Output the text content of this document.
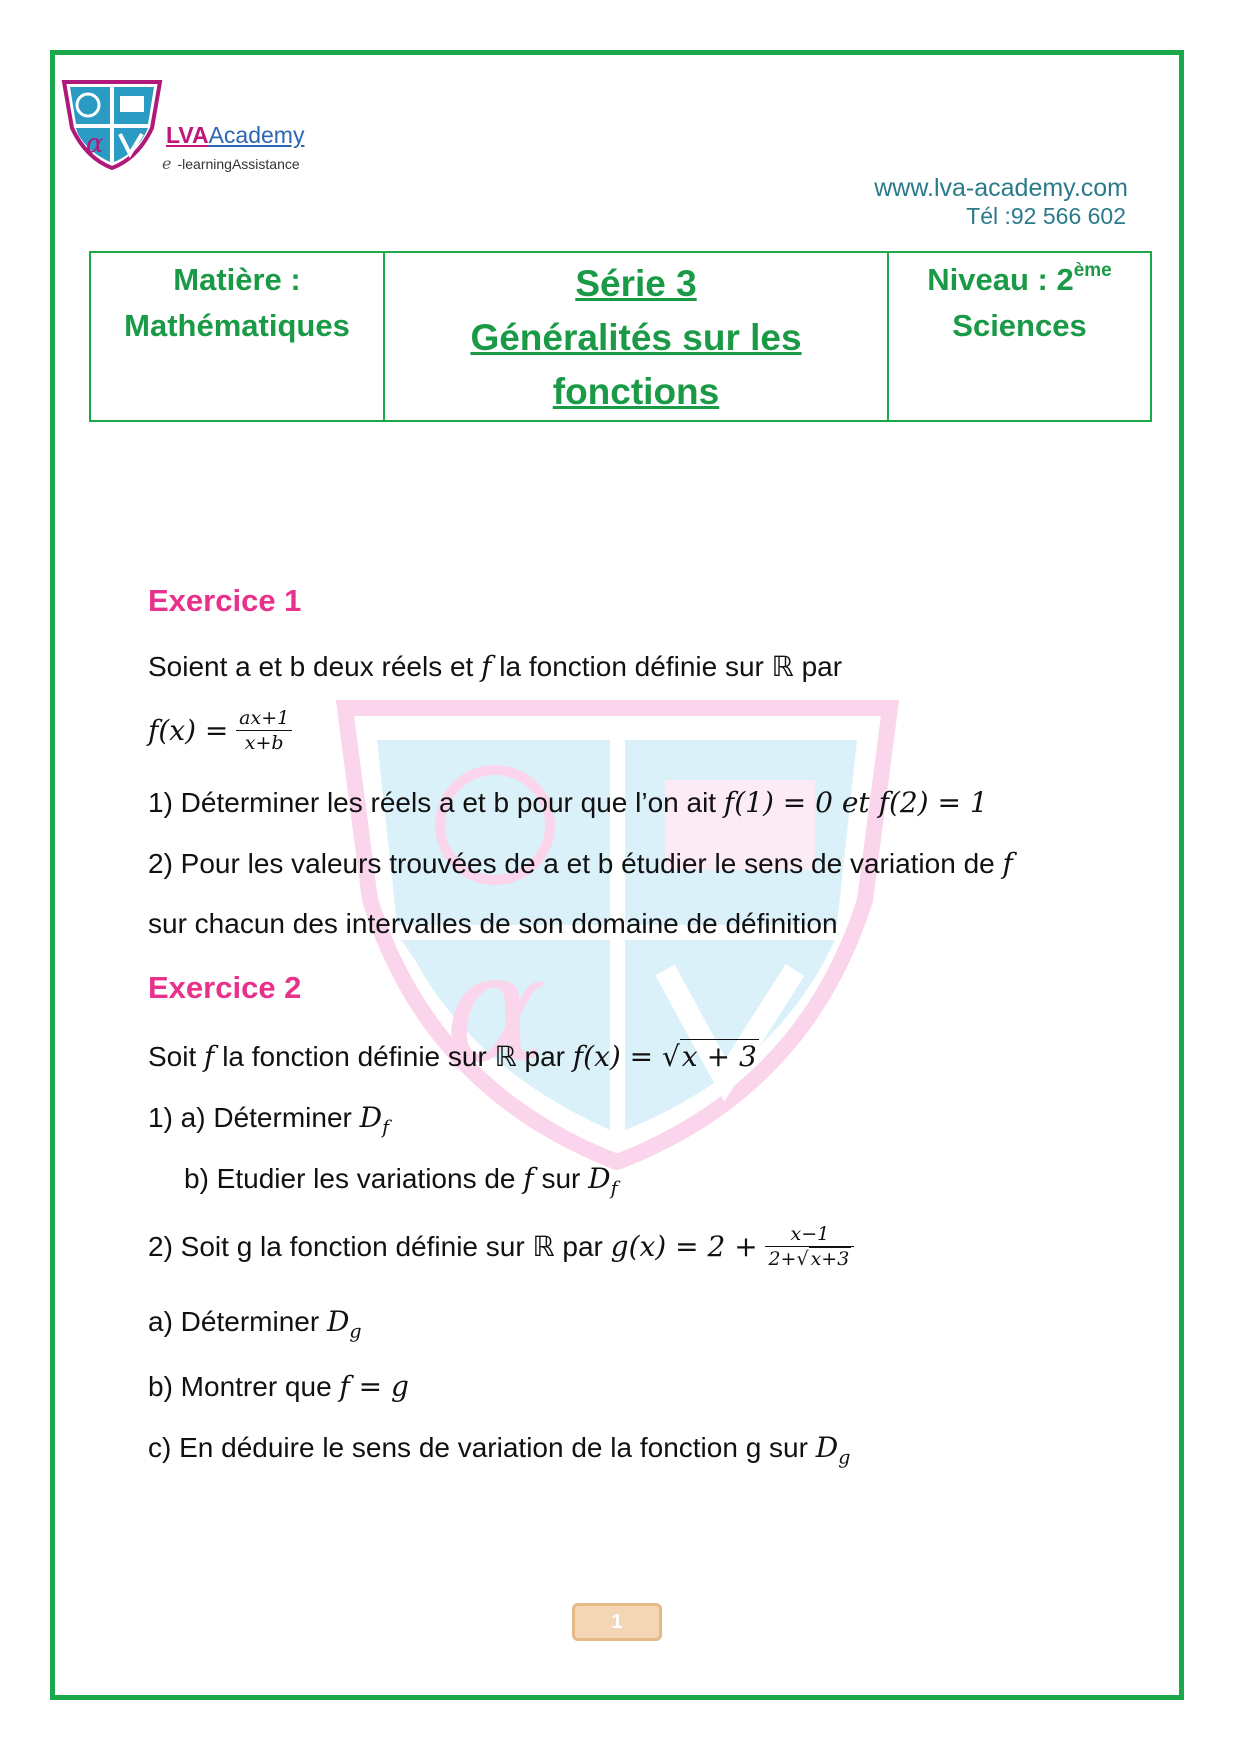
α	LVAAcademy
e -learningAssistance
www.lva-academy.com
Tél :92 566 602
Matière :
Mathématiques

Série 3
Généralités sur les
fonctions

Niveau : 2ème
Sciences
α
Exercice 1
Soient a et b deux réels et f la fonction définie sur ℝ par
$f(x) = \frac{ax+1}{x+b}$
1) Déterminer les réels a et b pour que l’on ait f(1) = 0 et f(2) = 1
2) Pour les valeurs trouvées de a et b étudier le sens de variation de f
sur chacun des intervalles de son domaine de définition
Exercice 2
Soit f la fonction définie sur ℝ par f(x) = √x + 3
1) a) Déterminer $D_f$
b) Etudier les variations de f sur $D_f$
2) Soit g la fonction définie sur ℝ par $g(x) = 2 + \frac{x-1}{2+√ x+3}$
a) Déterminer $D_g$
b) Montrer que f = g
c) En déduire le sens de variation de la fonction g sur $D_g$
1
